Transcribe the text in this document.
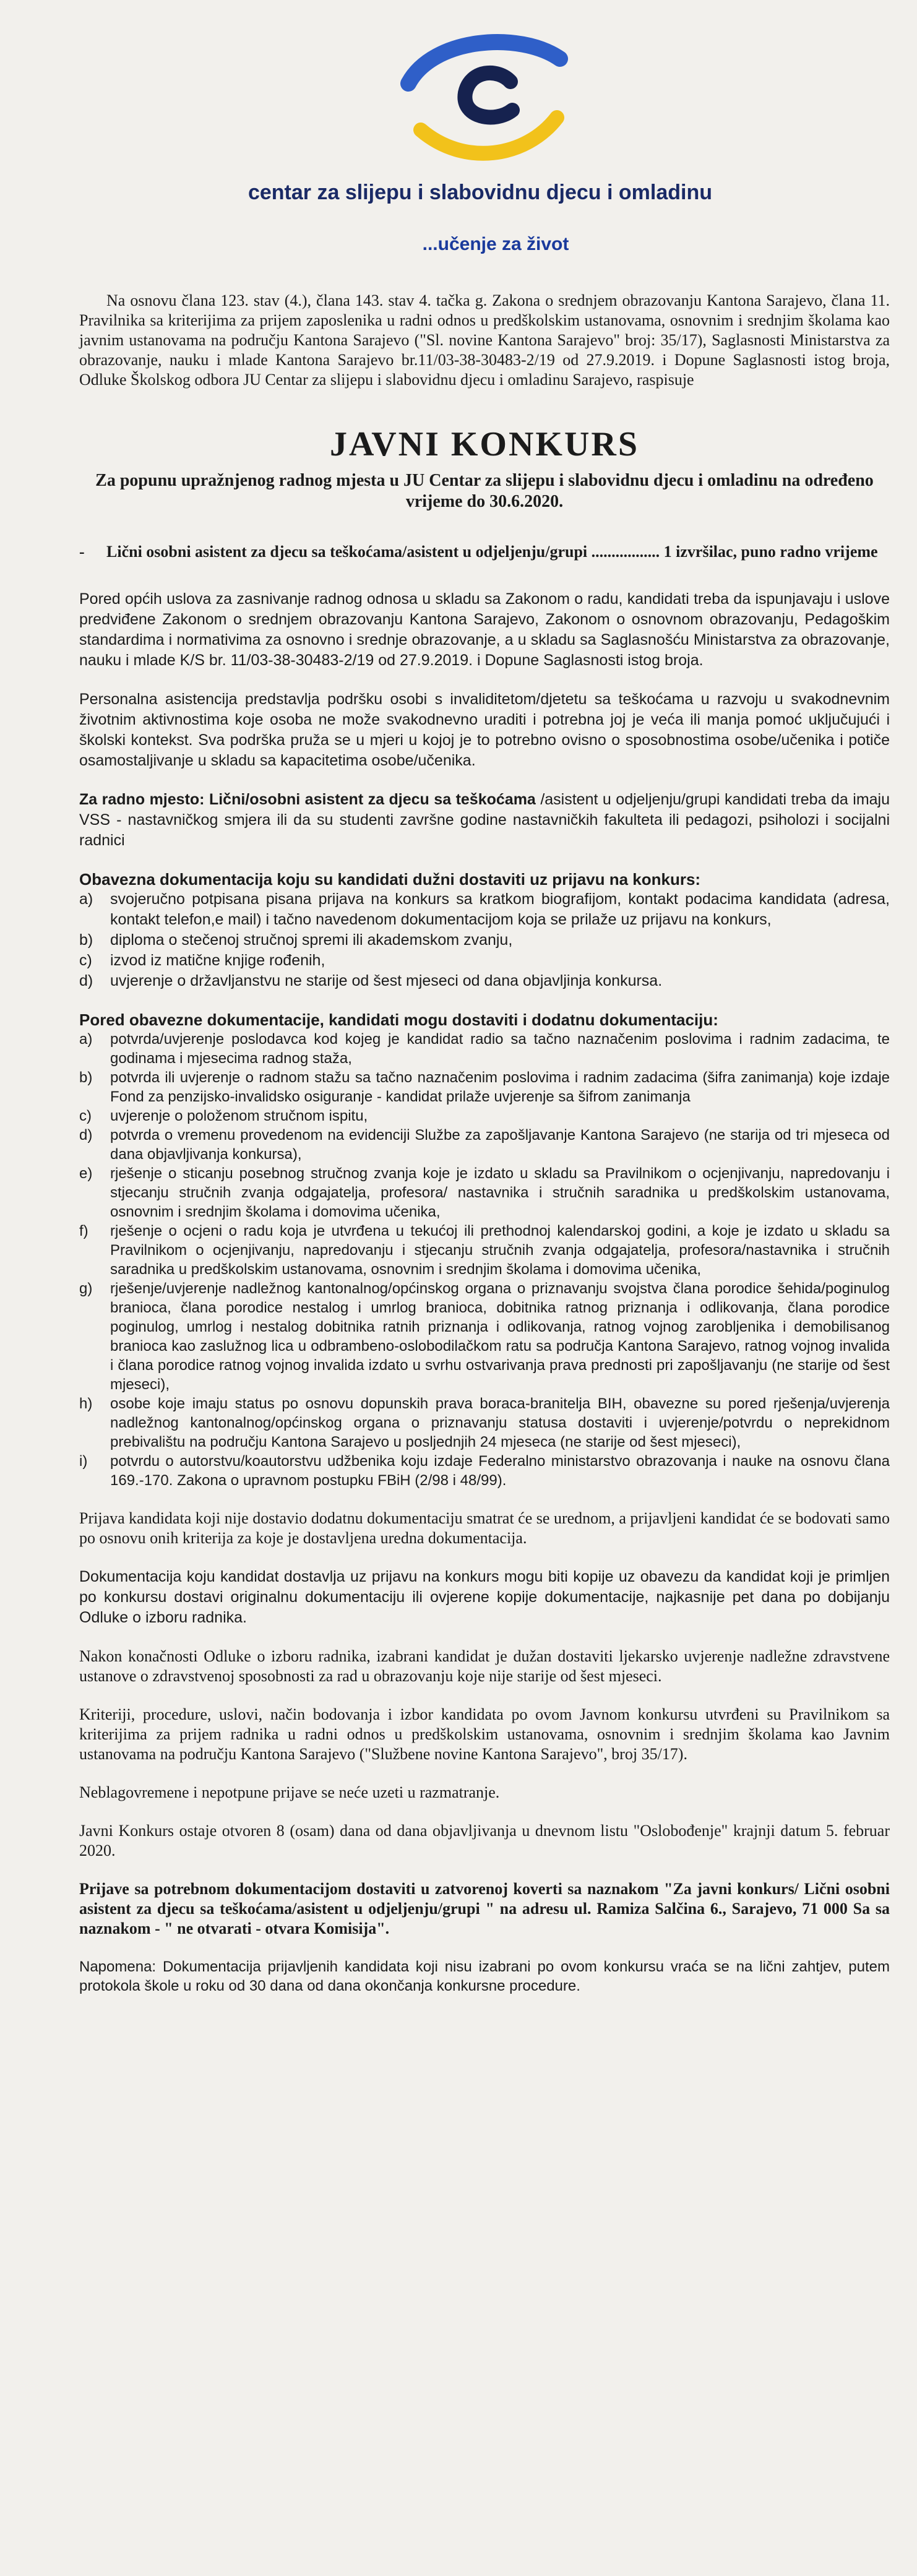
centar za slijepu i slabovidnu djecu i omladinu
...učenje za život

Na osnovu člana 123. stav (4.), člana 143. stav 4. tačka g. Zakona o srednjem obrazovanju Kantona Sarajevo, člana 11. Pravilnika sa kriterijima za prijem zaposlenika u radni odnos u predškolskim ustanovama, osnovnim i srednjim školama kao javnim ustanovama na području Kantona Sarajevo ("Sl. novine Kantona Sarajevo" broj: 35/17), Saglasnosti Ministarstva za obrazovanje, nauku i mlade Kantona Sarajevo br.11/03-38-30483-2/19 od 27.9.2019. i Dopune Saglasnosti istog broja, Odluke Školskog odbora JU Centar za slijepu i slabovidnu djecu i omladinu Sarajevo, raspisuje

JAVNI KONKURS
Za popunu upražnjenog radnog mjesta u JU Centar za slijepu i slabovidnu djecu i omladinu na određeno vrijeme do 30.6.2020.
-	Lični osobni asistent za djecu sa teškoćama/asistent u odjeljenju/grupi ................. 1 izvršilac, puno radno vrijeme

Pored općih uslova za zasnivanje radnog odnosa u skladu sa Zakonom o radu, kandidati treba da ispunjavaju i uslove predviđene Zakonom o srednjem obrazovanju Kantona Sarajevo, Zakonom o osnovnom obrazovanju, Pedagoškim standardima i normativima za osnovno i srednje obrazovanje, a u skladu sa Saglasnošću Ministarstva za obrazovanje, nauku i mlade K/S br. 11/03-38-30483-2/19 od 27.9.2019. i Dopune Saglasnosti istog broja.

Personalna asistencija predstavlja podršku osobi s invaliditetom/djetetu sa teškoćama u razvoju u svakodnevnim životnim aktivnostima koje osoba ne može svakodnevno uraditi i potrebna joj je veća ili manja pomoć uključujući i školski kontekst. Sva podrška pruža se u mjeri u kojoj je to potrebno ovisno o sposobnostima osobe/učenika i potiče osamostaljivanje u skladu sa kapacitetima osobe/učenika.

Za radno mjesto: Lični/osobni asistent za djecu sa teškoćama /asistent u odjeljenju/grupi kandidati treba da imaju VSS - nastavničkog smjera ili da su studenti završne godine nastavničkih fakulteta ili pedagozi, psiholozi i socijalni radnici

Obavezna dokumentacija koju su kandidati dužni dostaviti uz prijavu na konkurs:
a)	svojeručno potpisana pisana prijava na konkurs sa kratkom biografijom, kontakt podacima kandidata (adresa, kontakt telefon,e mail) i tačno navedenom dokumentacijom koja se prilaže uz prijavu na konkurs,
b)	diploma o stečenoj stručnoj spremi ili akademskom zvanju,
c)	izvod iz matične knjige rođenih,
d)	uvjerenje o državljanstvu ne starije od šest mjeseci od dana objavljinja konkursa.
Pored obavezne dokumentacije, kandidati mogu dostaviti i dodatnu dokumentaciju:
a)	potvrda/uvjerenje poslodavca kod kojeg je kandidat radio sa tačno naznačenim poslovima i radnim zadacima, te godinama i mjesecima radnog staža,
b)	potvrda ili uvjerenje o radnom stažu sa tačno naznačenim poslovima i radnim zadacima (šifra zanimanja) koje izdaje Fond za penzijsko-invalidsko osiguranje - kandidat prilaže uvjerenje sa šifrom zanimanja
c)	uvjerenje o položenom stručnom ispitu,
d)	potvrda o vremenu provedenom na evidenciji Službe za zapošljavanje Kantona Sarajevo (ne starija od tri mjeseca od dana objavljivanja konkursa),
e)	rješenje o sticanju posebnog stručnog zvanja koje je izdato u skladu sa Pravilnikom o ocjenjivanju, napredovanju i stjecanju stručnih zvanja odgajatelja, profesora/ nastavnika i stručnih saradnika u predškolskim ustanovama, osnovnim i srednjim školama i domovima učenika,
f)	rješenje o ocjeni o radu koja je utvrđena u tekućoj ili prethodnoj kalendarskoj godini, a koje je izdato u skladu sa Pravilnikom o ocjenjivanju, napredovanju i stjecanju stručnih zvanja odgajatelja, profesora/nastavnika i stručnih saradnika u predškolskim ustanovama, osnovnim i srednjim školama i domovima učenika,
g)	rješenje/uvjerenje nadležnog kantonalnog/općinskog organa o priznavanju svojstva člana porodice šehida/poginulog branioca, člana porodice nestalog i umrlog branioca, dobitnika ratnog priznanja i odlikovanja, člana porodice poginulog, umrlog i nestalog dobitnika ratnih priznanja i odlikovanja, ratnog vojnog zarobljenika i demobilisanog branioca kao zaslužnog lica u odbrambeno-oslobodilačkom ratu sa područja Kantona Sarajevo, ratnog vojnog invalida i člana porodice ratnog vojnog invalida izdato u svrhu ostvarivanja prava prednosti pri zapošljavanju (ne starije od šest mjeseci),
h)	osobe koje imaju status po osnovu dopunskih prava boraca-branitelja BIH, obavezne su pored rješenja/uvjerenja nadležnog kantonalnog/općinskog organa o priznavanju statusa dostaviti i uvjerenje/potvrdu o neprekidnom prebivalištu na području Kantona Sarajevo u posljednjih 24 mjeseca (ne starije od šest mjeseci),
i)	potvrdu o autorstvu/koautorstvu udžbenika koju izdaje Federalno ministarstvo obrazovanja i nauke na osnovu člana 169.-170. Zakona o upravnom postupku FBiH (2/98 i 48/99).

Prijava kandidata koji nije dostavio dodatnu dokumentaciju smatrat će se urednom, a prijavljeni kandidat će se bodovati samo po osnovu onih kriterija za koje je dostavljena uredna dokumentacija.

Dokumentacija koju kandidat dostavlja uz prijavu na konkurs mogu biti kopije uz obavezu da kandidat koji je primljen po konkursu dostavi originalnu dokumentaciju ili ovjerene kopije dokumentacije, najkasnije pet dana po dobijanju Odluke o izboru radnika.

Nakon konačnosti Odluke o izboru radnika, izabrani kandidat je dužan dostaviti ljekarsko uvjerenje nadležne zdravstvene ustanove o zdravstvenoj sposobnosti za rad u obrazovanju koje nije starije od šest mjeseci.

Kriteriji, procedure, uslovi, način bodovanja i izbor kandidata po ovom Javnom konkursu utvrđeni su Pravilnikom sa kriterijima za prijem radnika u radni odnos u predškolskim ustanovama, osnovnim i srednjim školama kao Javnim ustanovama na području Kantona Sarajevo ("Službene novine Kantona Sarajevo", broj 35/17).

Neblagovremene i nepotpune prijave se neće uzeti u razmatranje.

Javni Konkurs ostaje otvoren 8 (osam) dana od dana objavljivanja u dnevnom listu "Oslobođenje" krajnji datum 5. februar 2020.

Prijave sa potrebnom dokumentacijom dostaviti u zatvorenoj koverti sa naznakom "Za javni konkurs/ Lični osobni asistent za djecu sa teškoćama/asistent u odjeljenju/grupi " na adresu ul. Ramiza Salčina 6., Sarajevo, 71 000 Sa sa naznakom - " ne otvarati - otvara Komisija".

Napomena: Dokumentacija prijavljenih kandidata koji nisu izabrani po ovom konkursu vraća se na lični zahtjev, putem protokola škole u roku od 30 dana od dana okončanja konkursne procedure.
